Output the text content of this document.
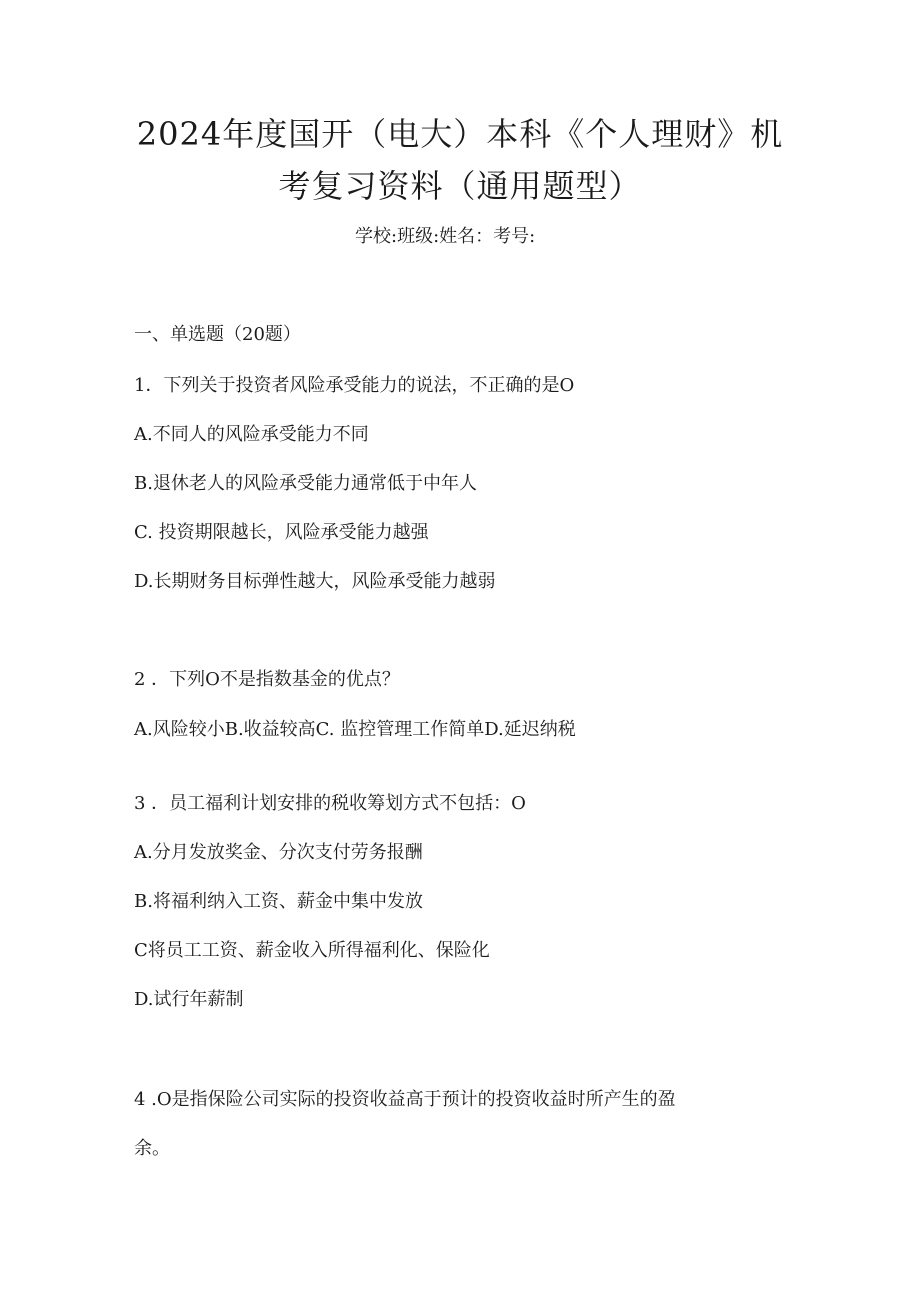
2024年度国开（电大）本科《个人理财》机
考复习资料（通用题型）
学校:班级:姓名：考号:

一、单选题（20题）

1．下列关于投资者风险承受能力的说法，不正确的是O

A.不同人的风险承受能力不同

B.退休老人的风险承受能力通常低于中年人

C. 投资期限越长，风险承受能力越强

D.长期财务目标弹性越大，风险承受能力越弱

2 ．下列O不是指数基金的优点？

A.风险较小B.收益较高C. 监控管理工作简单D.延迟纳税

3 ．员工福利计划安排的税收筹划方式不包括：O

A.分月发放奖金、分次支付劳务报酬

B.将福利纳入工资、薪金中集中发放

C将员工工资、薪金收入所得福利化、保险化

D.试行年薪制

4 .O是指保险公司实际的投资收益高于预计的投资收益时所产生的盈

余。
